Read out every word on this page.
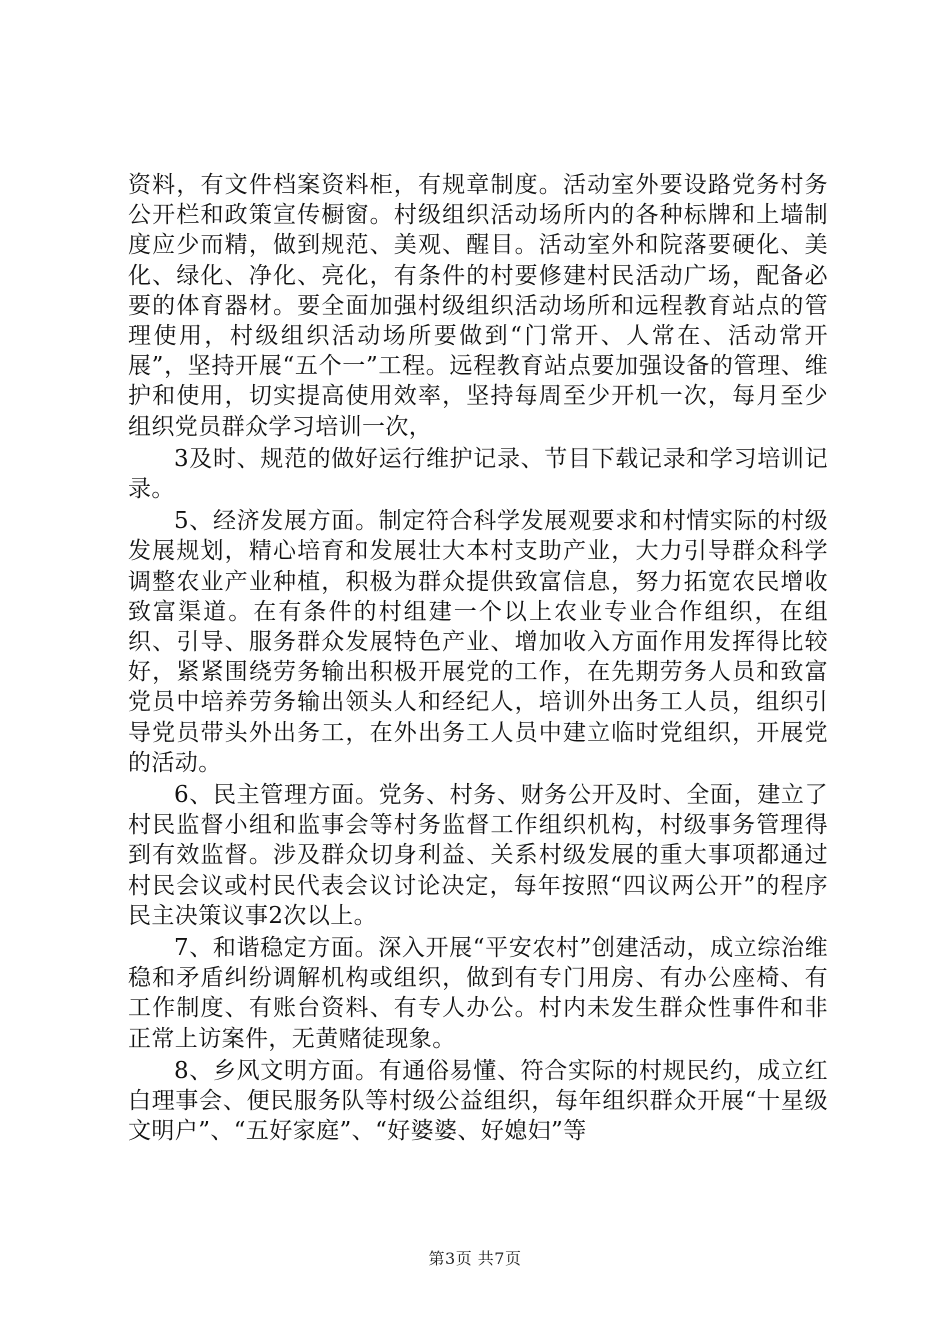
资料，有文件档案资料柜，有规章制度。活动室外要设路党务村务公开栏和政策宣传橱窗。村级组织活动场所内的各种标牌和上墙制度应少而精，做到规范、美观、醒目。活动室外和院落要硬化、美化、绿化、净化、亮化，有条件的村要修建村民活动广场，配备必要的体育器材。要全面加强村级组织活动场所和远程教育站点的管理使用，村级组织活动场所要做到“门常开、人常在、活动常开展”，坚持开展“五个一”工程。远程教育站点要加强设备的管理、维护和使用，切实提高使用效率，坚持每周至少开机一次，每月至少组织党员群众学习培训一次，

3及时、规范的做好运行维护记录、节目下载记录和学习培训记录。

5、经济发展方面。制定符合科学发展观要求和村情实际的村级发展规划，精心培育和发展壮大本村支助产业，大力引导群众科学调整农业产业种植，积极为群众提供致富信息，努力拓宽农民增收致富渠道。在有条件的村组建一个以上农业专业合作组织，在组织、引导、服务群众发展特色产业、增加收入方面作用发挥得比较好，紧紧围绕劳务输出积极开展党的工作，在先期劳务人员和致富党员中培养劳务输出领头人和经纪人，培训外出务工人员，组织引导党员带头外出务工，在外出务工人员中建立临时党组织，开展党的活动。

6、民主管理方面。党务、村务、财务公开及时、全面，建立了村民监督小组和监事会等村务监督工作组织机构，村级事务管理得到有效监督。涉及群众切身利益、关系村级发展的重大事项都通过村民会议或村民代表会议讨论决定，每年按照“四议两公开”的程序民主决策议事2次以上。

7、和谐稳定方面。深入开展“平安农村”创建活动，成立综治维稳和矛盾纠纷调解机构或组织，做到有专门用房、有办公座椅、有工作制度、有账台资料、有专人办公。村内未发生群众性事件和非正常上访案件，无黄赌徒现象。

8、乡风文明方面。有通俗易懂、符合实际的村规民约，成立红白理事会、便民服务队等村级公益组织，每年组织群众开展“十星级文明户”、“五好家庭”、“好婆婆、好媳妇”等

第3页 共7页
